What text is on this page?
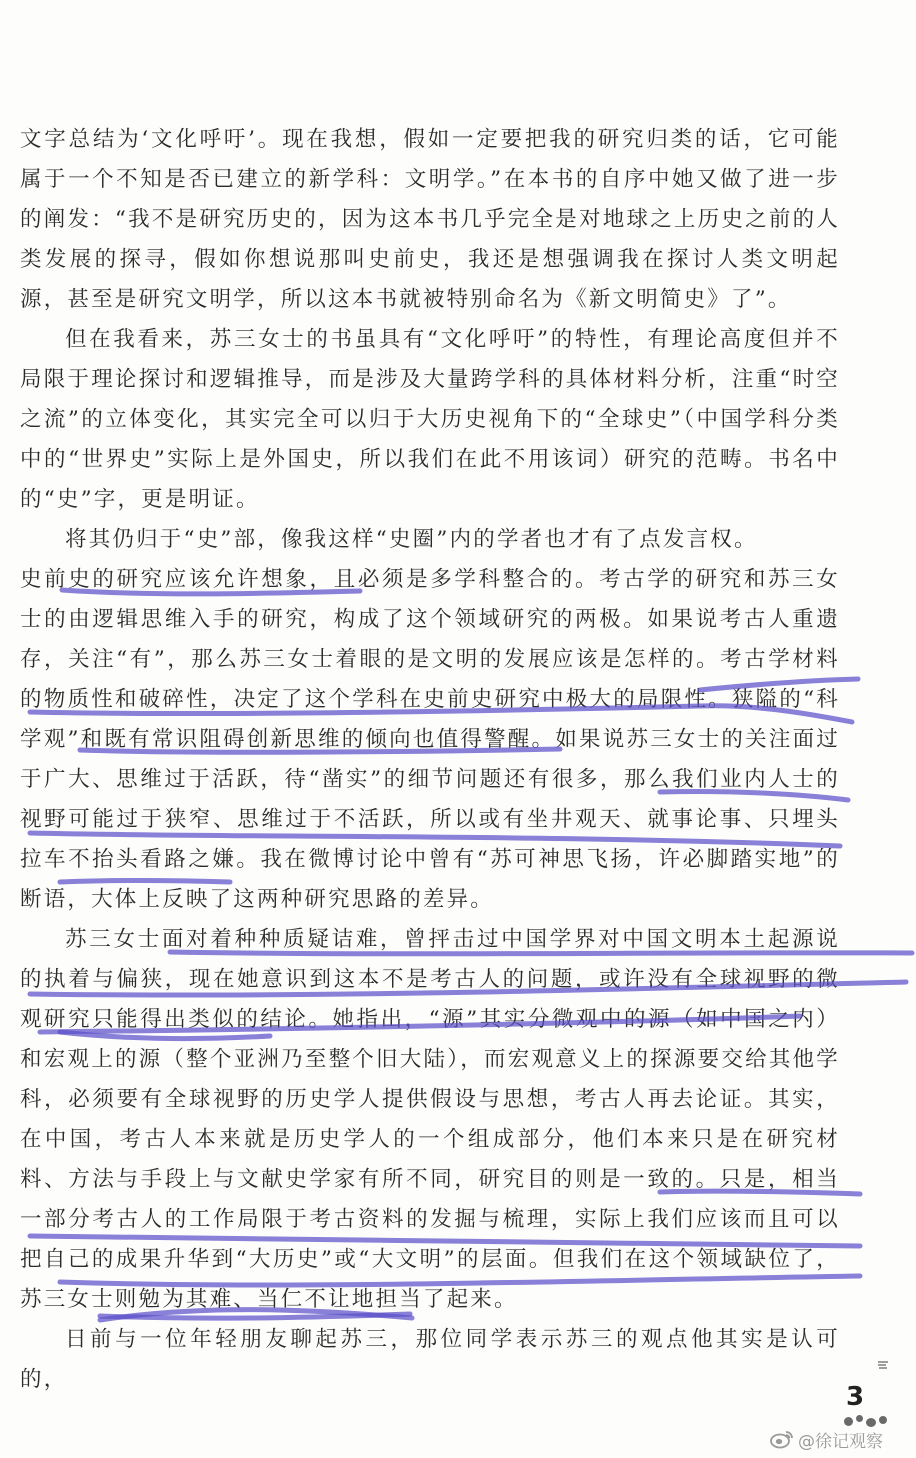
文字总结为‘文化呼吁’。现在我想，假如一定要把我的研究归类的话，它可能属于一个不知是否已建立的新学科：文明学。”在本书的自序中她又做了进一步的阐发：“我不是研究历史的，因为这本书几乎完全是对地球之上历史之前的人类发展的探寻，假如你想说那叫史前史，我还是想强调我在探讨人类文明起源，甚至是研究文明学，所以这本书就被特别命名为《新文明简史》了”。

但在我看来，苏三女士的书虽具有“文化呼吁”的特性，有理论高度但并不局限于理论探讨和逻辑推导，而是涉及大量跨学科的具体材料分析，注重“时空之流”的立体变化，其实完全可以归于大历史视角下的“全球史”（中国学科分类中的“世界史”实际上是外国史，所以我们在此不用该词）研究的范畴。书名中的“史”字，更是明证。

将其仍归于“史”部，像我这样“史圈”内的学者也才有了点发言权。

史前史的研究应该允许想象，且必须是多学科整合的。考古学的研究和苏三女士的由逻辑思维入手的研究，构成了这个领域研究的两极。如果说考古人重遗存，关注“有”，那么苏三女士着眼的是文明的发展应该是怎样的。考古学材料的物质性和破碎性，决定了这个学科在史前史研究中极大的局限性。狭隘的“科学观”和既有常识阻碍创新思维的倾向也值得警醒。如果说苏三女士的关注面过于广大、思维过于活跃，待“凿实”的细节问题还有很多，那么我们业内人士的视野可能过于狭窄、思维过于不活跃，所以或有坐井观天、就事论事、只埋头拉车不抬头看路之嫌。我在微博讨论中曾有“苏可神思飞扬，许必脚踏实地”的断语，大体上反映了这两种研究思路的差异。

苏三女士面对着种种质疑诘难，曾抨击过中国学界对中国文明本土起源说的执着与偏狭，现在她意识到这本不是考古人的问题，或许没有全球视野的微观研究只能得出类似的结论。她指出，“源”其实分微观中的源（如中国之内）和宏观上的源（整个亚洲乃至整个旧大陆），而宏观意义上的探源要交给其他学科，必须要有全球视野的历史学人提供假设与思想，考古人再去论证。其实，在中国，考古人本来就是历史学人的一个组成部分，他们本来只是在研究材料、方法与手段上与文献史学家有所不同，研究目的则是一致的。只是，相当一部分考古人的工作局限于考古资料的发掘与梳理，实际上我们应该而且可以把自己的成果升华到“大历史”或“大文明”的层面。但我们在这个领域缺位了，苏三女士则勉为其难、当仁不让地担当了起来。

日前与一位年轻朋友聊起苏三，那位同学表示苏三的观点他其实是认可的，

3
@徐记观察
